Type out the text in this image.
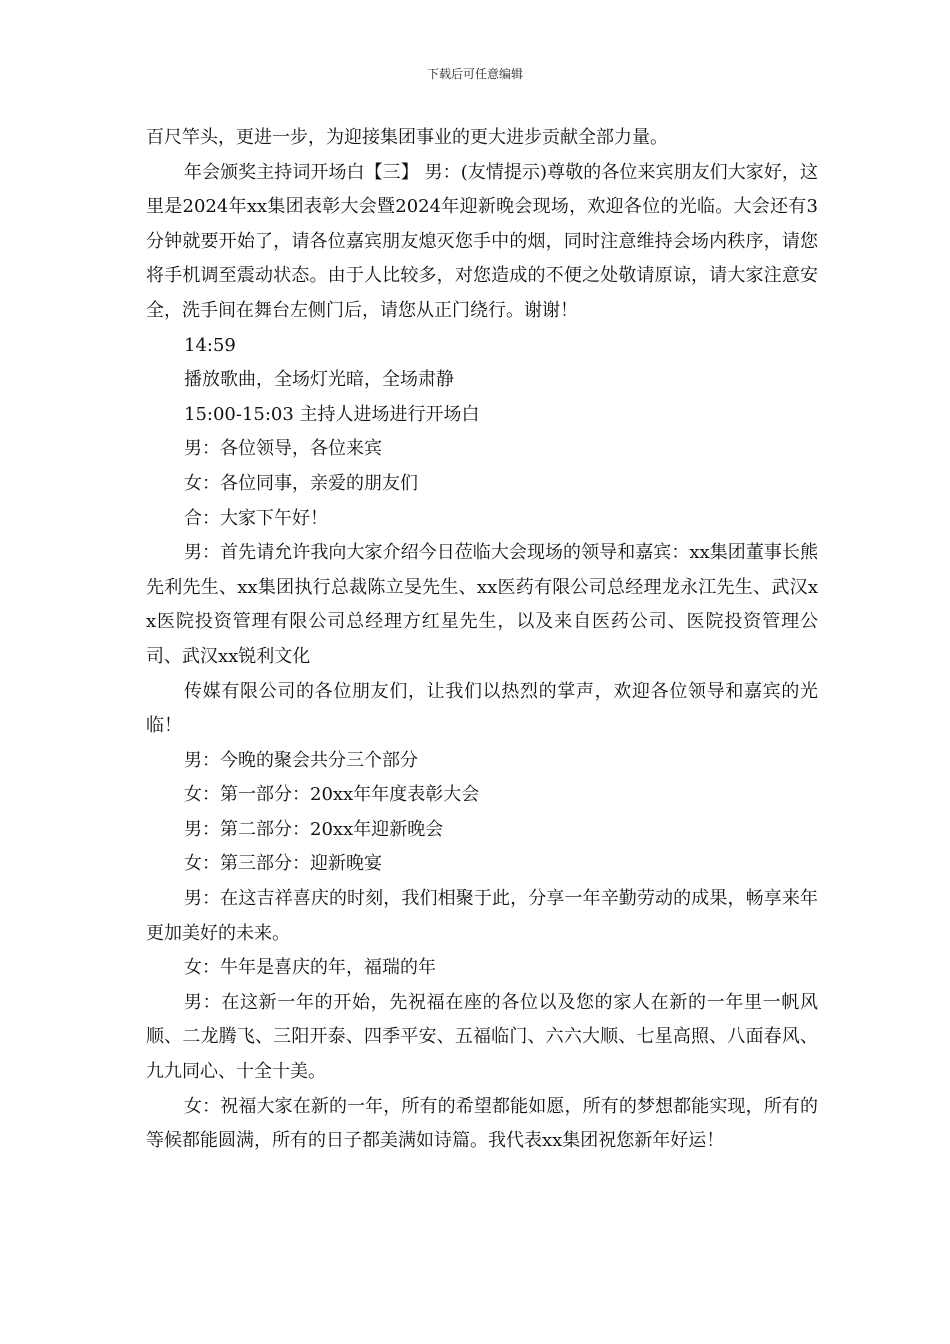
下载后可任意编辑

百尺竿头，更进一步，为迎接集团事业的更大进步贡献全部力量。

年会颁奖主持词开场白【三】 男：(友情提示)尊敬的各位来宾朋友们大家好，这里是2024年xx集团表彰大会暨2024年迎新晚会现场，欢迎各位的光临。大会还有3分钟就要开始了，请各位嘉宾朋友熄灭您手中的烟，同时注意维持会场内秩序，请您将手机调至震动状态。由于人比较多，对您造成的不便之处敬请原谅，请大家注意安全，洗手间在舞台左侧门后，请您从正门绕行。谢谢！

14:59

播放歌曲，全场灯光暗，全场肃静

15:00-15:03 主持人进场进行开场白

男：各位领导，各位来宾

女：各位同事，亲爱的朋友们

合：大家下午好！

男：首先请允许我向大家介绍今日莅临大会现场的领导和嘉宾：xx集团董事长熊先利先生、xx集团执行总裁陈立旻先生、xx医药有限公司总经理龙永江先生、武汉xx医院投资管理有限公司总经理方红星先生，以及来自医药公司、医院投资管理公司、武汉xx锐利文化

传媒有限公司的各位朋友们，让我们以热烈的掌声，欢迎各位领导和嘉宾的光临！

男：今晚的聚会共分三个部分

女：第一部分：20xx年年度表彰大会

男：第二部分：20xx年迎新晚会

女：第三部分：迎新晚宴

男：在这吉祥喜庆的时刻，我们相聚于此，分享一年辛勤劳动的成果，畅享来年更加美好的未来。

女：牛年是喜庆的年，福瑞的年

男：在这新一年的开始，先祝福在座的各位以及您的家人在新的一年里一帆风顺、二龙腾飞、三阳开泰、四季平安、五福临门、六六大顺、七星高照、八面春风、九九同心、十全十美。

女：祝福大家在新的一年，所有的希望都能如愿，所有的梦想都能实现，所有的等候都能圆满，所有的日子都美满如诗篇。我代表xx集团祝您新年好运！
